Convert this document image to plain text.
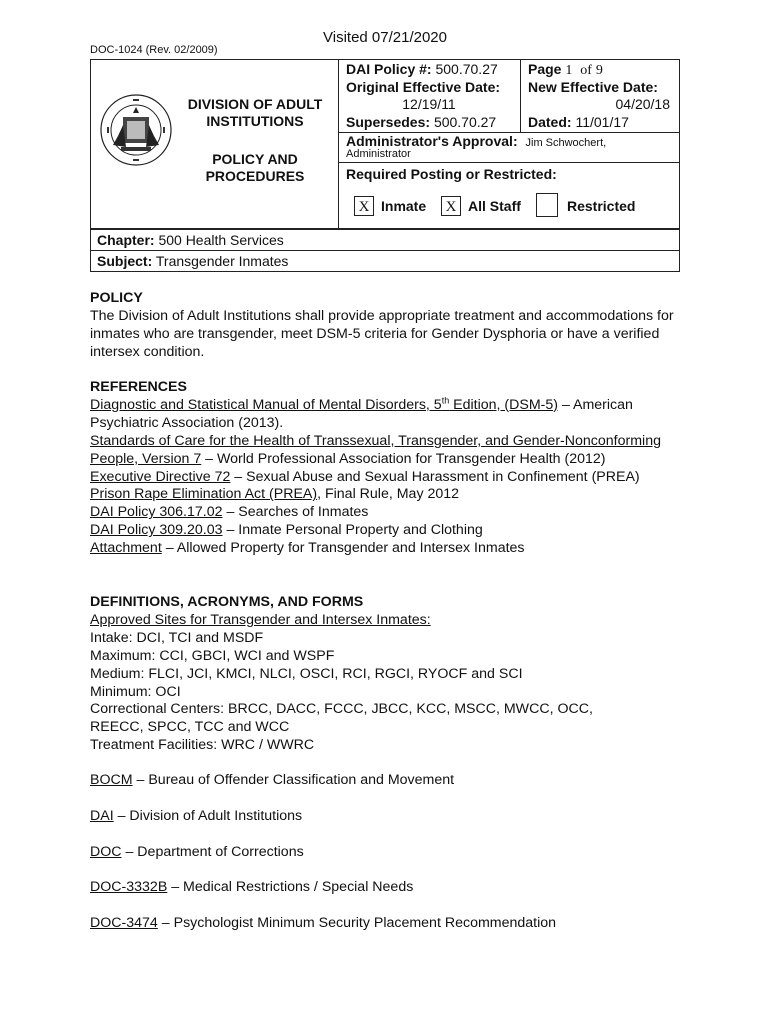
Visited 07/21/2020
DOC-1024 (Rev. 02/2009)
DIVISION OF ADULT
INSTITUTIONS
POLICY AND
PROCEDURES
DAI Policy #: 500.70.27 Page 1 of 9
Original Effective Date:
12/19/11
New Effective Date:
04/20/18
Supersedes: 500.70.27 Dated: 11/01/17
Administrator's Approval: Jim Schwochert,
Administrator
Required Posting or Restricted:
X Inmate	X All Staff	Restricted
Chapter: 500 Health Services
Subject: Transgender Inmates

POLICY

The Division of Adult Institutions shall provide appropriate treatment and accommodations for inmates who are transgender, meet DSM-5 criteria for Gender Dysphoria or have a verified intersex condition.

REFERENCES

Diagnostic and Statistical Manual of Mental Disorders, 5th Edition, (DSM-5) – American Psychiatric Association (2013).

Standards of Care for the Health of Transsexual, Transgender, and Gender-Nonconforming People, Version 7 – World Professional Association for Transgender Health (2012)

Executive Directive 72 – Sexual Abuse and Sexual Harassment in Confinement (PREA)

Prison Rape Elimination Act (PREA), Final Rule, May 2012

DAI Policy 306.17.02 – Searches of Inmates

DAI Policy 309.20.03 – Inmate Personal Property and Clothing

Attachment – Allowed Property for Transgender and Intersex Inmates

DEFINITIONS, ACRONYMS, AND FORMS

Approved Sites for Transgender and Intersex Inmates:

Intake: DCI, TCI and MSDF

Maximum: CCI, GBCI, WCI and WSPF

Medium: FLCI, JCI, KMCI, NLCI, OSCI, RCI, RGCI, RYOCF and SCI

Minimum: OCI

Correctional Centers: BRCC, DACC, FCCC, JBCC, KCC, MSCC, MWCC, OCC, REECC, SPCC, TCC and WCC

Treatment Facilities: WRC / WWRC

BOCM – Bureau of Offender Classification and Movement
DAI – Division of Adult Institutions
DOC – Department of Corrections
DOC-3332B – Medical Restrictions / Special Needs
DOC-3474 – Psychologist Minimum Security Placement Recommendation
